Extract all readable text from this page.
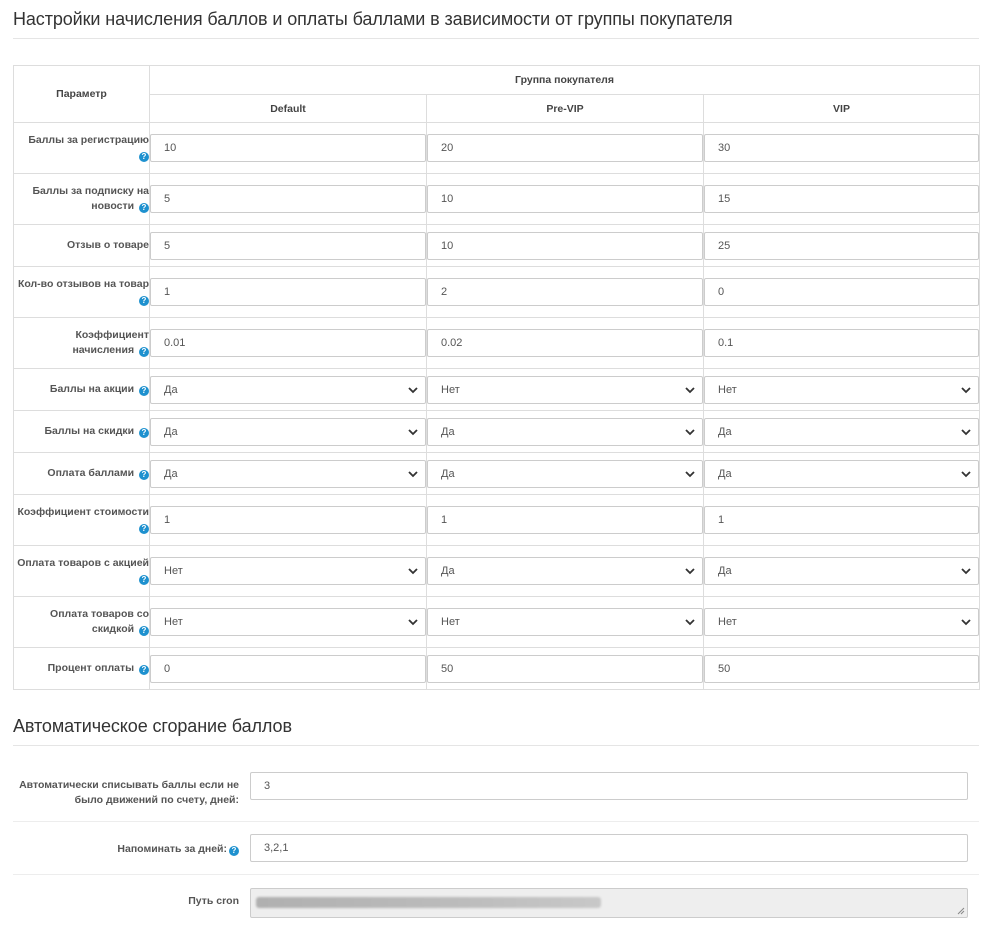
Настройки начисления баллов и оплаты баллами в зависимости от группы покупателя
Параметр	Группа покупателя		
	Default	Pre-VIP	VIP
Баллы за регистрацию ?	10	20	30

Баллы за подписку на новости ?	5	10	15

Отзыв о товаре	5	10	25

Кол-во отзывов на товар ?	1	2	0

Коэффициент начисления ?	0.01	0.02	0.1

Баллы на акции ?	Да	Нет	Нет

Баллы на скидки ?	Да	Да	Да

Оплата баллами ?	Да	Да	Да

Коэффициент стоимости ?	1	1	1

Оплата товаров с акцией ?	Нет	Да	Да

Оплата товаров со скидкой ?	Нет	Нет	Нет

Процент оплаты ?	0	50	50
Автоматическое сгорание баллов
Автоматически списывать баллы если не было движений по счету, дней:
3
Напоминать за дней: ?	3,2,1
Путь cron
